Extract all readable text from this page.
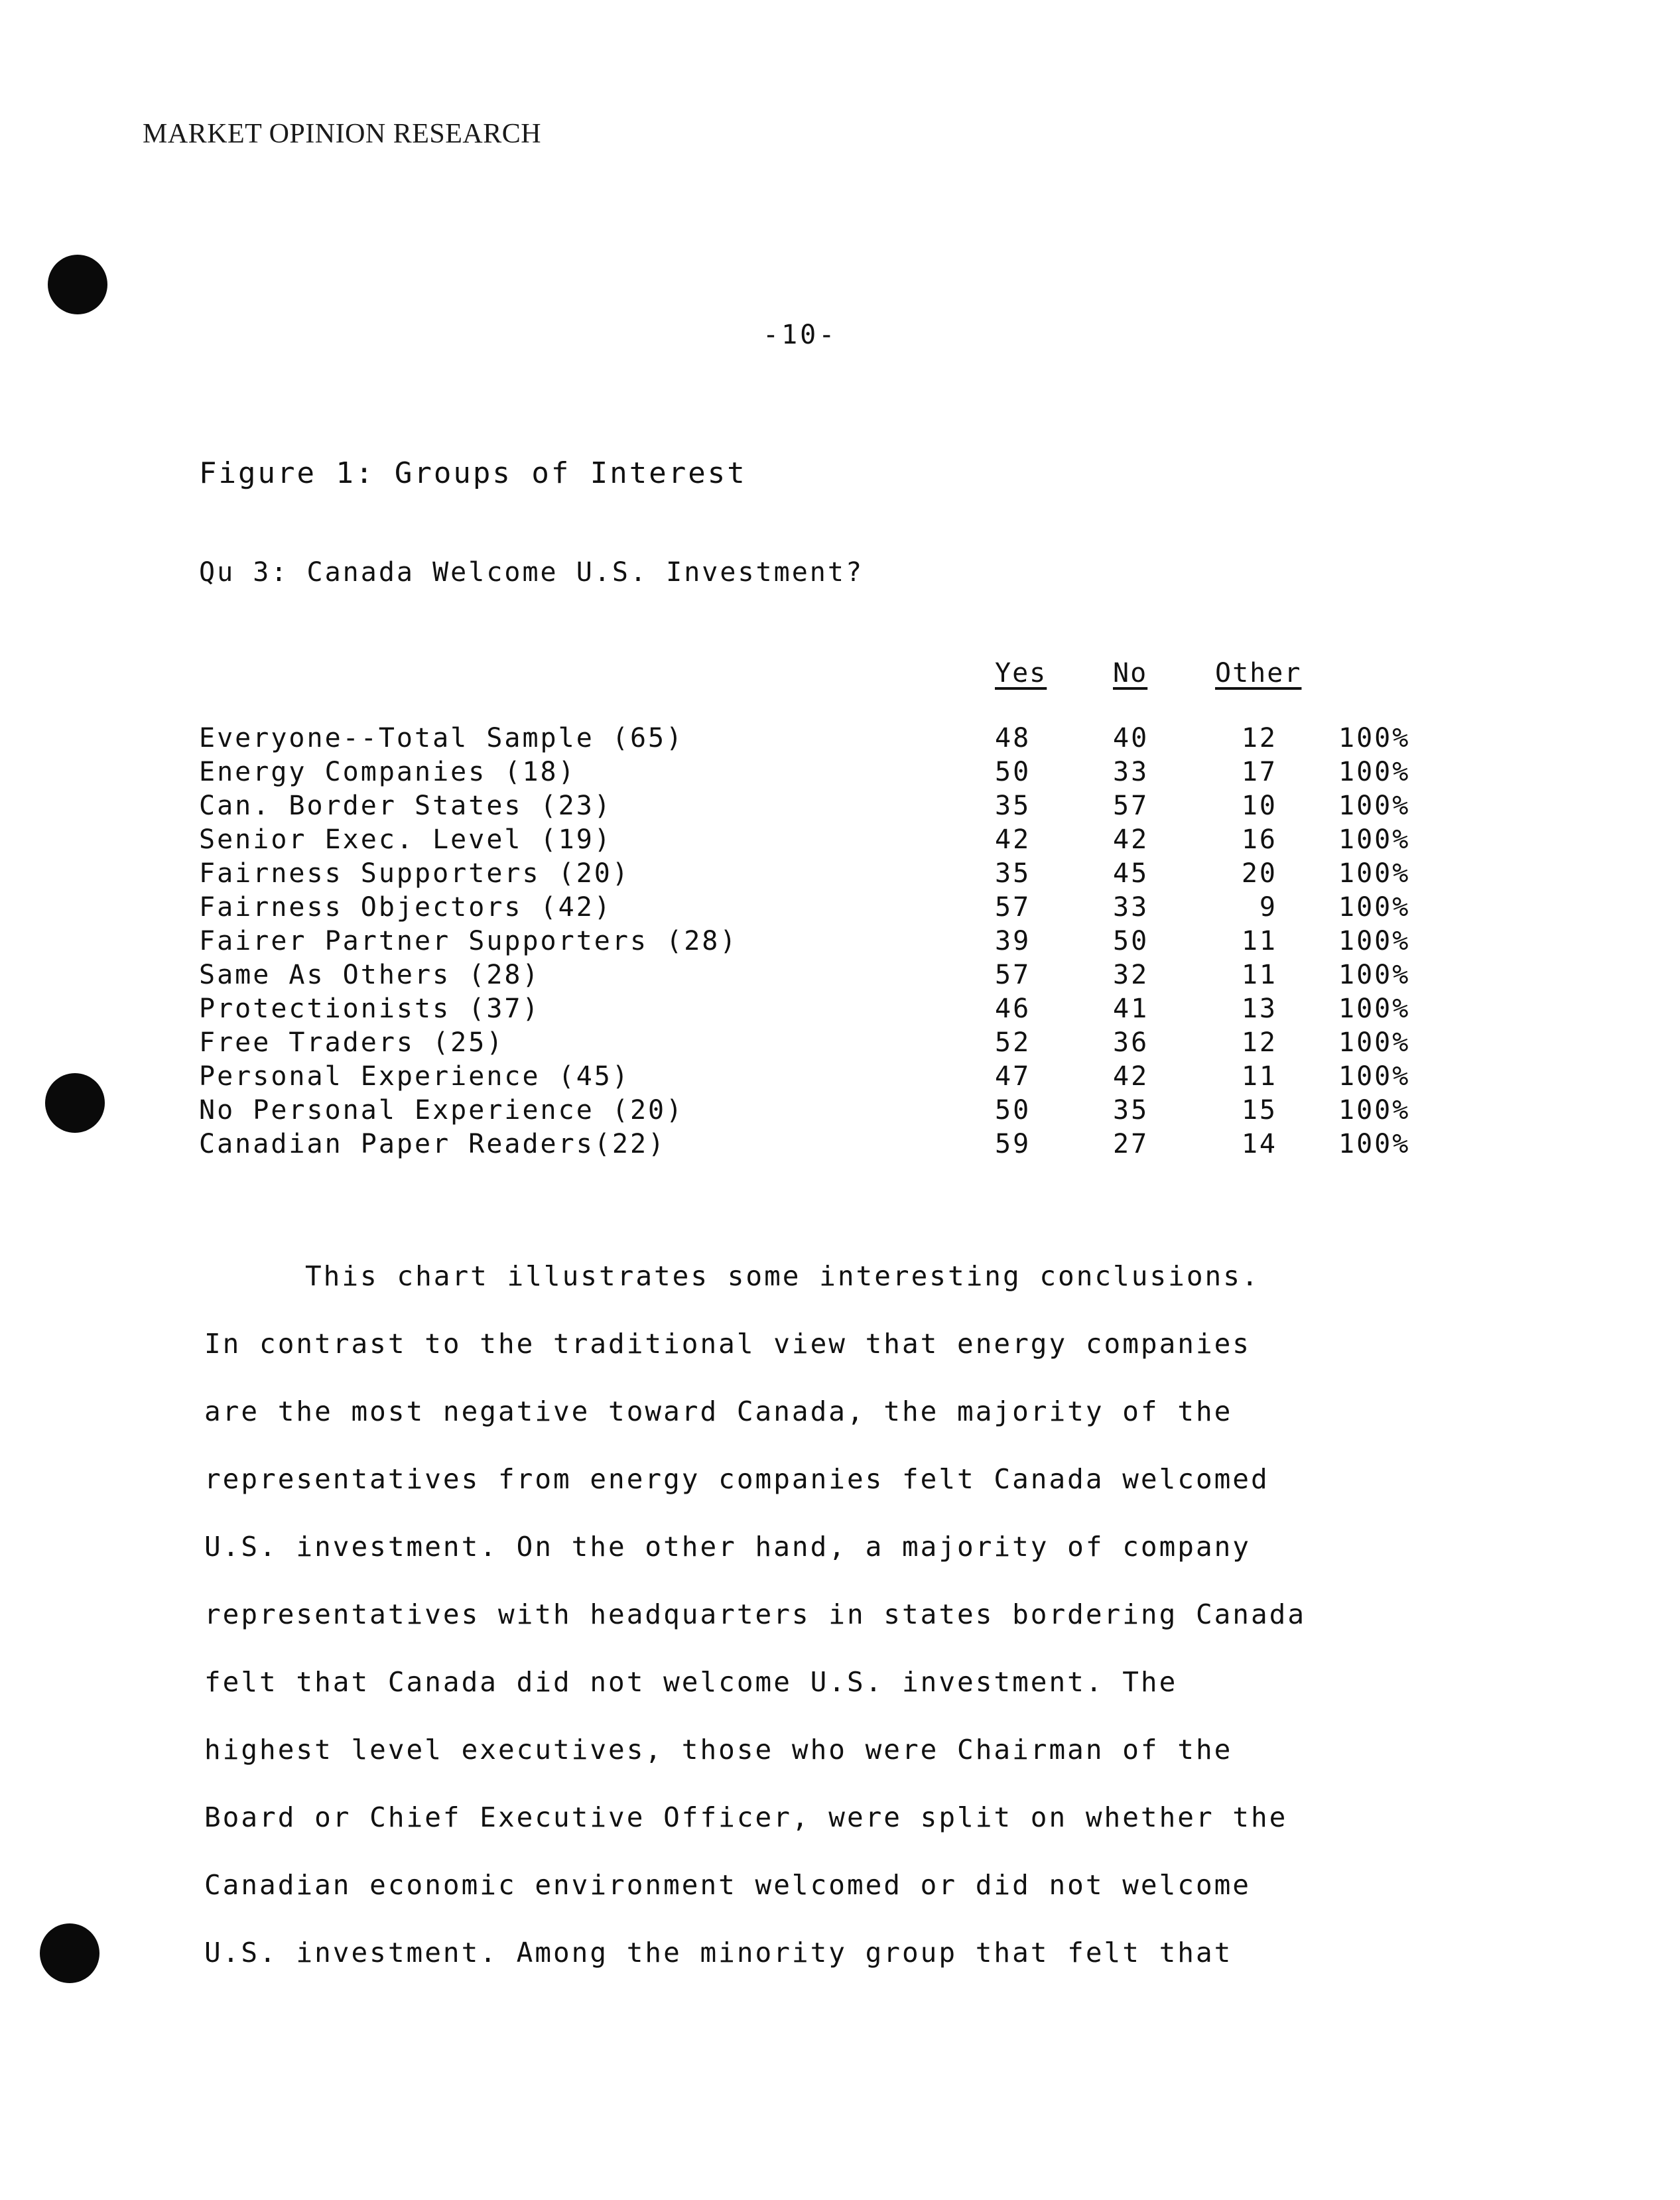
MARKET OPINION RESEARCH
-10-
Figure 1: Groups of Interest
Qu 3: Canada Welcome U.S. Investment?
Yes No	Other
Everyone--Total Sample (65)	48	40	12 100%
Energy Companies (18)	50	33	17 100%
Can. Border States (23)	35	57	10 100%
Senior Exec. Level (19)	42	42	16 100%
Fairness Supporters (20)	35	45	20 100%
Fairness Objectors (42)	57	33	9 100%
Fairer Partner Supporters (28)	39	50	11 100%
Same As Others (28)	57	32	11 100%
Protectionists (37)	46	41	13 100%
Free Traders (25)	52	36	12 100%
Personal Experience (45)	47	42	11 100%
No Personal Experience (20)	50	35	15 100%
Canadian Paper Readers(22)	59	27	14 100%
This chart illustrates some interesting conclusions.
In contrast to the traditional view that energy companies
are the most negative toward Canada, the majority of the
representatives from energy companies felt Canada welcomed
U.S. investment. On the other hand, a majority of company
representatives with headquarters in states bordering Canada
felt that Canada did not welcome U.S. investment. The
highest level executives, those who were Chairman of the
Board or Chief Executive Officer, were split on whether the
Canadian economic environment welcomed or did not welcome
U.S. investment. Among the minority group that felt that
